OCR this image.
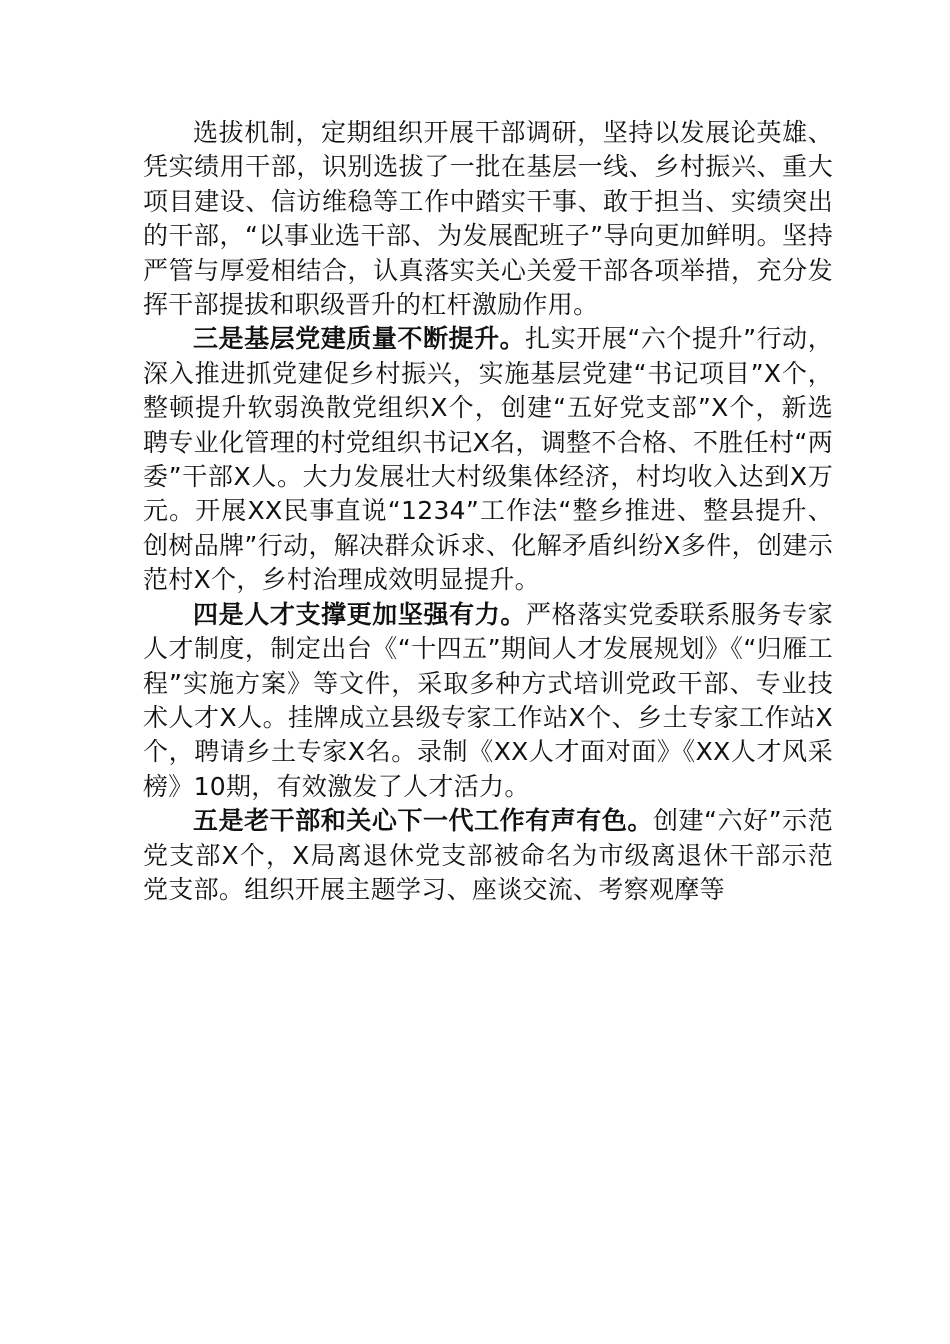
选拔机制，定期组织开展干部调研，坚持以发展论英雄、凭实绩用干部，识别选拔了一批在基层一线、乡村振兴、重大项目建设、信访维稳等工作中踏实干事、敢于担当、实绩突出的干部，“以事业选干部、为发展配班子”导向更加鲜明。坚持严管与厚爱相结合，认真落实关心关爱干部各项举措，充分发挥干部提拔和职级晋升的杠杆激励作用。

三是基层党建质量不断提升。扎实开展“六个提升”行动，深入推进抓党建促乡村振兴，实施基层党建“书记项目”X个，整顿提升软弱涣散党组织X个，创建“五好党支部”X个，新选聘专业化管理的村党组织书记X名，调整不合格、不胜任村“两委”干部X人。大力发展壮大村级集体经济，村均收入达到X万元。开展XX民事直说“1234”工作法“整乡推进、整县提升、创树品牌”行动，解决群众诉求、化解矛盾纠纷X多件，创建示范村X个，乡村治理成效明显提升。

四是人才支撑更加坚强有力。严格落实党委联系服务专家人才制度，制定出台《“十四五”期间人才发展规划》《“归雁工程”实施方案》等文件，采取多种方式培训党政干部、专业技术人才X人。挂牌成立县级专家工作站X个、乡土专家工作站X个，聘请乡土专家X名。录制《XX人才面对面》《XX人才风采榜》10期，有效激发了人才活力。

五是老干部和关心下一代工作有声有色。创建“六好”示范党支部X个，X局离退休党支部被命名为市级离退休干部示范党支部。组织开展主题学习、座谈交流、考察观摩等
